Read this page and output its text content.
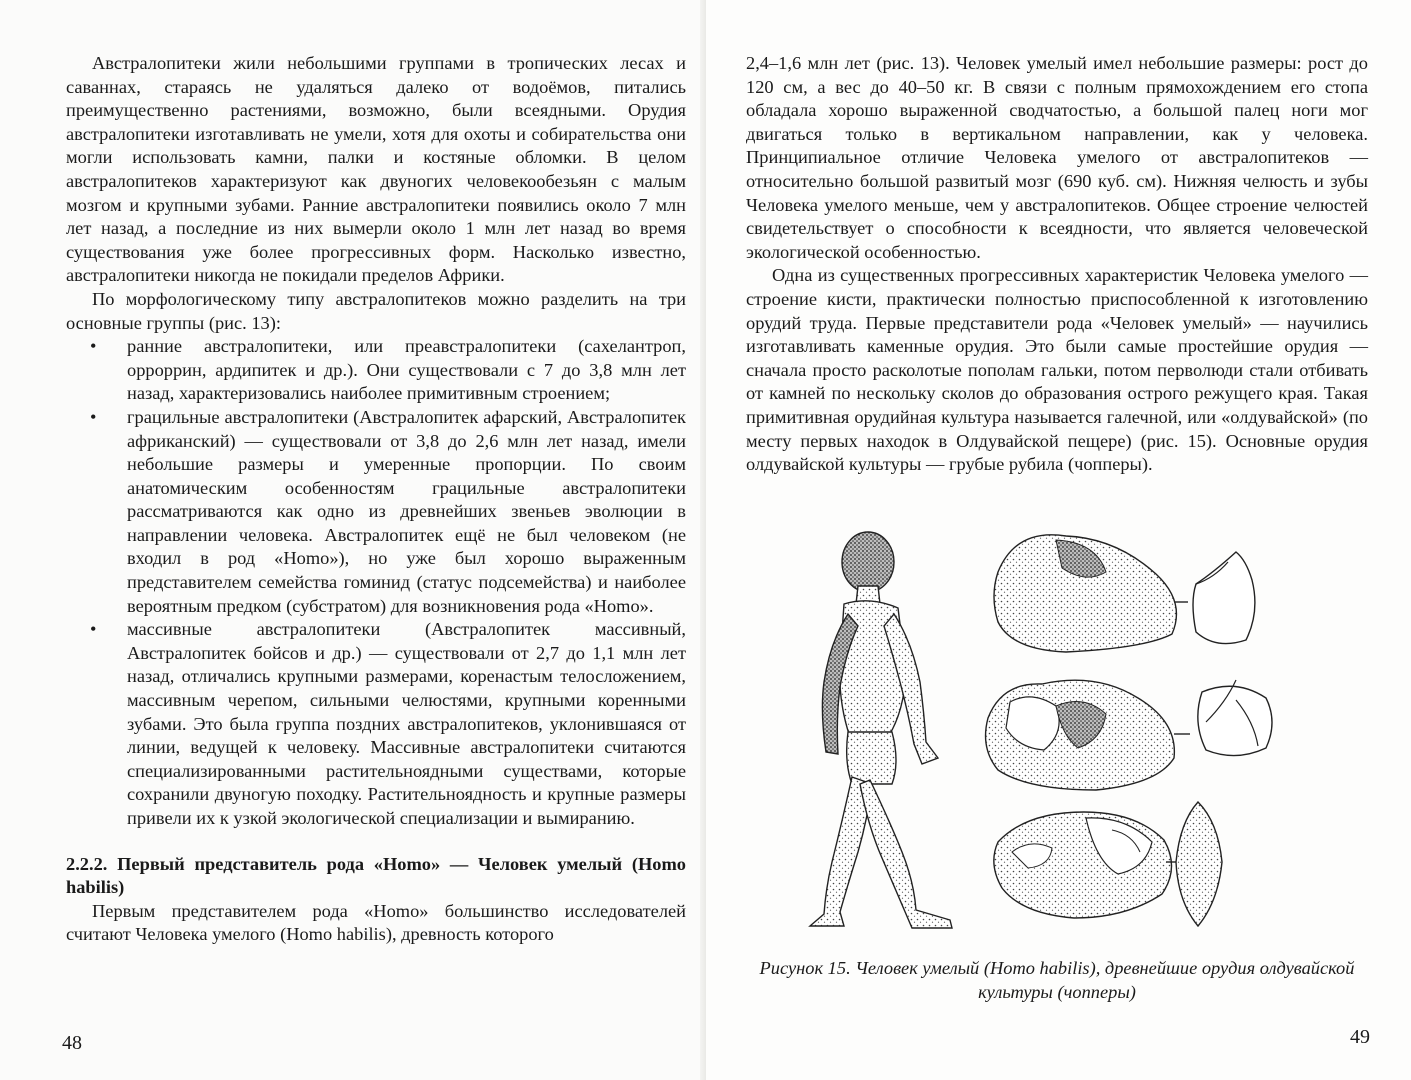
Австралопитеки жили небольшими группами в тропических лесах и саваннах, стараясь не удаляться далеко от водоёмов, питались преимущественно растениями, возможно, были всеядными. Орудия австралопитеки изготавливать не умели, хотя для охоты и собирательства они могли использовать камни, палки и костяные обломки. В целом австралопитеков характеризуют как двуногих человекообезьян с малым мозгом и крупными зубами. Ранние австралопитеки появились около 7 млн лет назад, а последние из них вымерли около 1 млн лет назад во время существования уже более прогрессивных форм. Насколько известно, австралопитеки никогда не покидали пределов Африки.

По морфологическому типу австралопитеков можно разделить на три основные группы (рис. 13):

• ранние австралопитеки, или преавстралопитеки (сахелантроп, орроррин, ардипитек и др.). Они существовали с 7 до 3,8 млн лет назад, характеризовались наиболее примитивным строением;
• грацильные австралопитеки (Австралопитек афарский, Австралопитек африканский) — существовали от 3,8 до 2,6 млн лет назад, имели небольшие размеры и умеренные пропорции. По своим анатомическим особенностям грацильные австралопитеки рассматриваются как одно из древнейших звеньев эволюции в направлении человека. Австралопитек ещё не был человеком (не входил в род «Homo»), но уже был хорошо выраженным представителем семейства гоминид (статус подсемейства) и наиболее вероятным предком (субстратом) для возникновения рода «Homo».
• массивные австралопитеки (Австралопитек массивный, Австралопитек бойсов и др.) — существовали от 2,7 до 1,1 млн лет назад, отличались крупными размерами, коренастым телосложением, массивным черепом, сильными челюстями, крупными коренными зубами. Это была группа поздних австралопитеков, уклонившаяся от линии, ведущей к человеку. Массивные австралопитеки считаются специализированными растительноядными существами, которые сохранили двуногую походку. Растительноядность и крупные размеры привели их к узкой экологической специализации и вымиранию.

2.2.2. Первый представитель рода «Homo» — Человек умелый (Homo habilis)

Первым представителем рода «Homo» большинство исследователей считают Человека умелого (Homo habilis), древность которого

48

2,4–1,6 млн лет (рис. 13). Человек умелый имел небольшие размеры: рост до 120 см, а вес до 40–50 кг. В связи с полным прямохождением его стопа обладала хорошо выраженной сводчатостью, а большой палец ноги мог двигаться только в вертикальном направлении, как у человека. Принципиальное отличие Человека умелого от австралопитеков — относительно большой развитый мозг (690 куб. см). Нижняя челюсть и зубы Человека умелого меньше, чем у австралопитеков. Общее строение челюстей свидетельствует о способности к всеядности, что является человеческой экологической особенностью.

Одна из существенных прогрессивных характеристик Человека умелого — строение кисти, практически полностью приспособленной к изготовлению орудий труда. Первые представители рода «Человек умелый» — научились изготавливать каменные орудия. Это были самые простейшие орудия — сначала просто расколотые пополам гальки, потом перволюди стали отбивать от камней по нескольку сколов до образования острого режущего края. Такая примитивная орудийная культура называется галечной, или «олдувайской» (по месту первых находок в Олдувайской пещере) (рис. 15). Основные орудия олдувайской культуры — грубые рубила (чопперы).

Рисунок 15. Человек умелый (Homo habilis), древнейшие орудия олдувайской культуры (чопперы)
49
